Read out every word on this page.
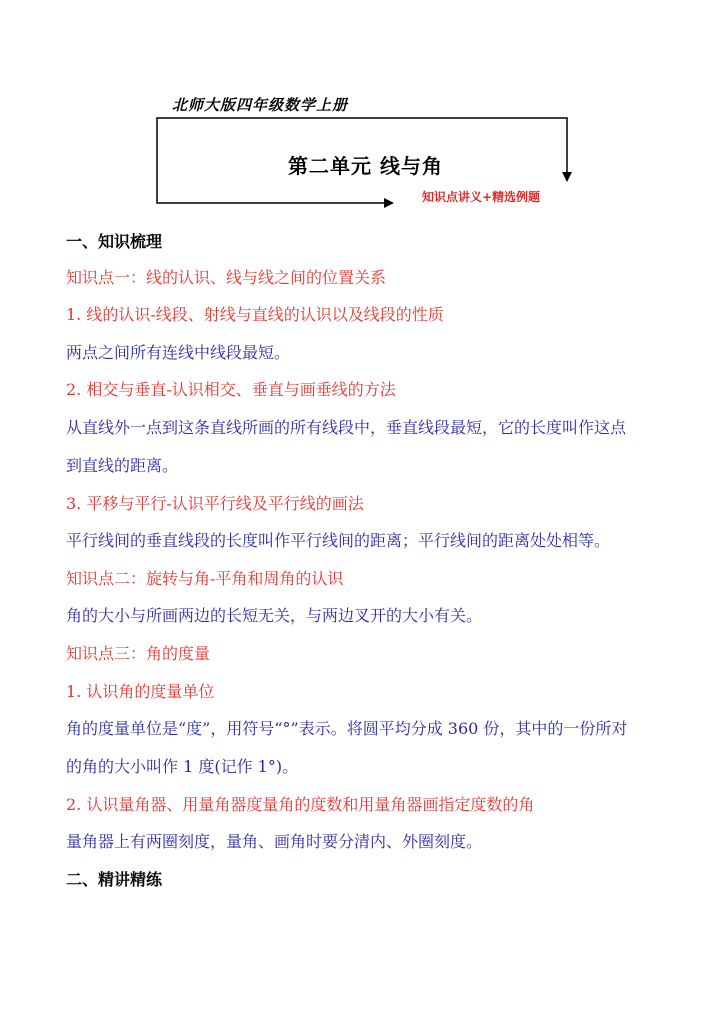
北师大版四年级数学上册
第二单元 线与角
知识点讲义+精选例题
一、知识梳理
知识点一：线的认识、线与线之间的位置关系
1. 线的认识-线段、射线与直线的认识以及线段的性质
两点之间所有连线中线段最短。
2. 相交与垂直-认识相交、垂直与画垂线的方法
从直线外一点到这条直线所画的所有线段中，垂直线段最短，它的长度叫作这点
到直线的距离。
3. 平移与平行-认识平行线及平行线的画法
平行线间的垂直线段的长度叫作平行线间的距离；平行线间的距离处处相等。
知识点二：旋转与角-平角和周角的认识
角的大小与所画两边的长短无关，与两边叉开的大小有关。
知识点三：角的度量
1. 认识角的度量单位
角的度量单位是“度”，用符号“°”表示。将圆平均分成 360 份，其中的一份所对
的角的大小叫作 1 度(记作 1°)。
2. 认识量角器、用量角器度量角的度数和用量角器画指定度数的角
量角器上有两圈刻度，量角、画角时要分清内、外圈刻度。
二、精讲精练
